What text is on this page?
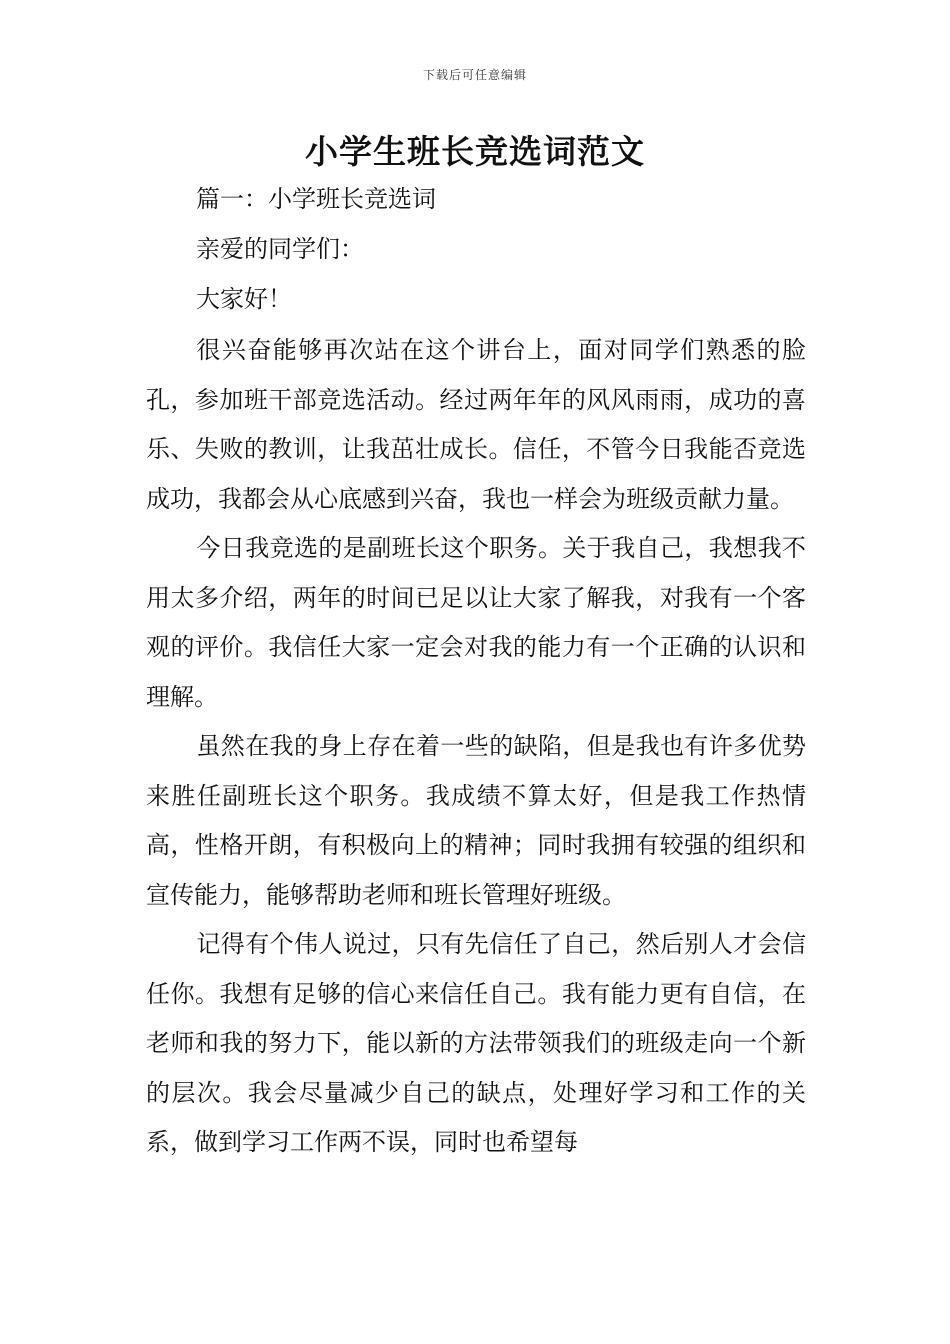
下载后可任意编辑
小学生班长竞选词范文
篇一：小学班长竞选词
亲爱的同学们：
大家好！

很兴奋能够再次站在这个讲台上，面对同学们熟悉的脸孔，参加班干部竞选活动。经过两年年的风风雨雨，成功的喜乐、失败的教训，让我茁壮成长。信任，不管今日我能否竞选成功，我都会从心底感到兴奋，我也一样会为班级贡献力量。

今日我竞选的是副班长这个职务。关于我自己，我想我不用太多介绍，两年的时间已足以让大家了解我，对我有一个客观的评价。我信任大家一定会对我的能力有一个正确的认识和理解。

虽然在我的身上存在着一些的缺陷，但是我也有许多优势来胜任副班长这个职务。我成绩不算太好，但是我工作热情高，性格开朗，有积极向上的精神；同时我拥有较强的组织和宣传能力，能够帮助老师和班长管理好班级。

记得有个伟人说过，只有先信任了自己，然后别人才会信任你。我想有足够的信心来信任自己。我有能力更有自信，在老师和我的努力下，能以新的方法带领我们的班级走向一个新的层次。我会尽量减少自己的缺点，处理好学习和工作的关系，做到学习工作两不误，同时也希望每
